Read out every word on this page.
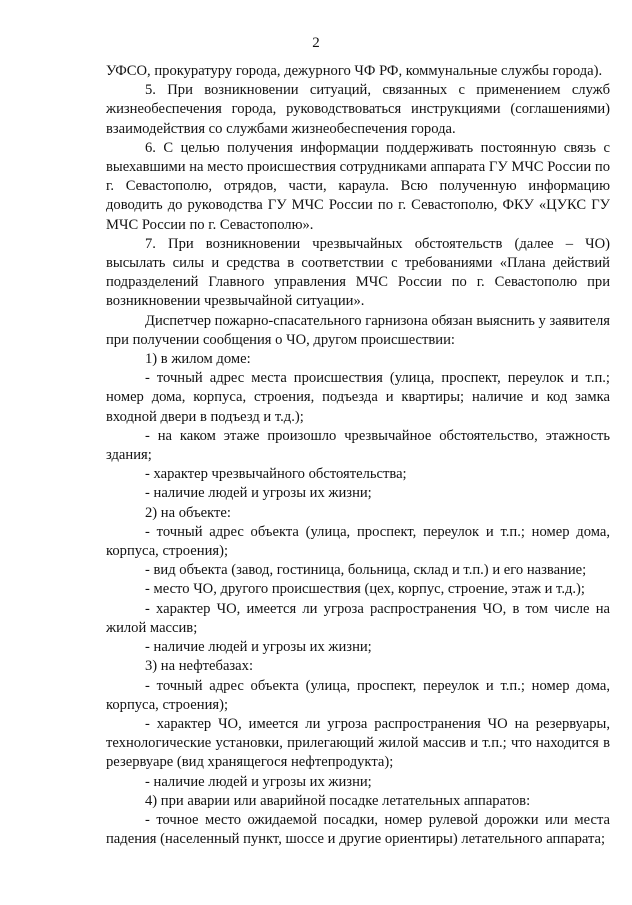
2

УФСО, прокуратуру города, дежурного ЧФ РФ, коммунальные службы города).

5. При возникновении ситуаций, связанных с применением служб жизнеобеспечения города, руководствоваться инструкциями (соглашениями) взаимодействия со службами жизнеобеспечения города.

6. С целью получения информации поддерживать постоянную связь с выехавшими на место происшествия сотрудниками аппарата ГУ МЧС России по г. Севастополю, отрядов, части, караула. Всю полученную информацию доводить до руководства ГУ МЧС России по г. Севастополю, ФКУ «ЦУКС ГУ МЧС России по г. Севастополю».

7. При возникновении чрезвычайных обстоятельств (далее – ЧО) высылать силы и средства в соответствии с требованиями «Плана действий подразделений Главного управления МЧС России по г. Севастополю при возникновении чрезвычайной ситуации».

Диспетчер пожарно-спасательного гарнизона обязан выяснить у заявителя при получении сообщения о ЧО, другом происшествии:

1) в жилом доме:

- точный адрес места происшествия (улица, проспект, переулок и т.п.; номер дома, корпуса, строения, подъезда и квартиры; наличие и код замка входной двери в подъезд и т.д.);

- на каком этаже произошло чрезвычайное обстоятельство, этажность здания;

- характер чрезвычайного обстоятельства;

- наличие людей и угрозы их жизни;

2) на объекте:

- точный адрес объекта (улица, проспект, переулок и т.п.; номер дома, корпуса, строения);

- вид объекта (завод, гостиница, больница, склад и т.п.) и его название;

- место ЧО, другого происшествия (цех, корпус, строение, этаж и т.д.);

- характер ЧО, имеется ли угроза распространения ЧО, в том числе на жилой массив;

- наличие людей и угрозы их жизни;

3) на нефтебазах:

- точный адрес объекта (улица, проспект, переулок и т.п.; номер дома, корпуса, строения);

- характер ЧО, имеется ли угроза распространения ЧО на резервуары, технологические установки, прилегающий жилой массив и т.п.; что находится в резервуаре (вид хранящегося нефтепродукта);

- наличие людей и угрозы их жизни;

4) при аварии или аварийной посадке летательных аппаратов:

- точное место ожидаемой посадки, номер рулевой дорожки или места падения (населенный пункт, шоссе и другие ориентиры) летательного аппарата;
